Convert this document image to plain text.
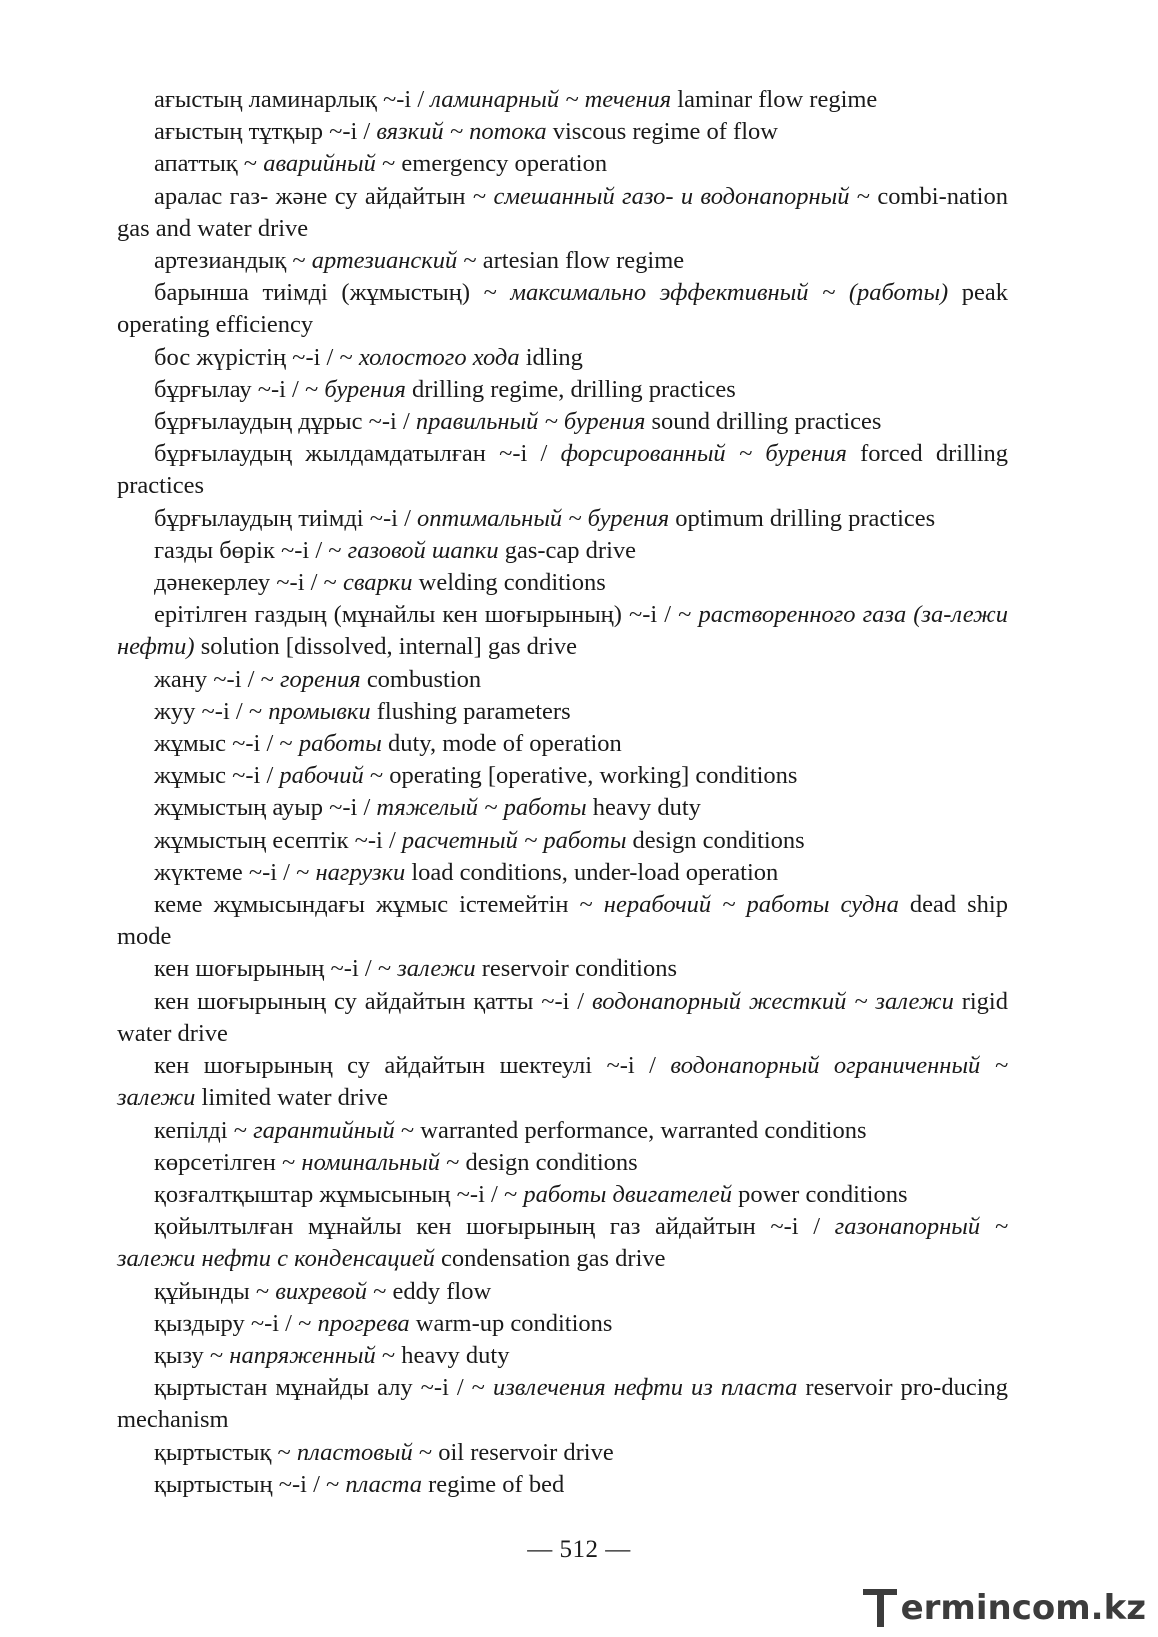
ағыстың ламинарлық ~-і / ламинарный ~ течения laminar flow regime

ағыстың тұтқыр ~-і / вязкий ~ потока viscous regime of flow

апаттық ~ аварийный ~ emergency operation

аралас газ- және су айдайтын ~ смешанный газо- и водонапорный ~ combi-nation gas and water drive

артезиандық ~ артезианский ~ artesian flow regime

барынша тиімді (жұмыстың) ~ максимально эффективный ~ (работы) peak operating efficiency

бос жүрістің ~-і / ~ холостого хода idling

бұрғылау ~-і / ~ бурения drilling regime, drilling practices

бұрғылаудың дұрыс ~-і / правильный ~ бурения sound drilling practices

бұрғылаудың жылдамдатылған ~-і / форсированный ~ бурения forced drilling practices

бұрғылаудың тиімді ~-і / оптимальный ~ бурения optimum drilling practices

газды бөрік ~-і / ~ газовой шапки gas-cap drive

дәнекерлеу ~-і / ~ сварки welding conditions

ерітілген газдың (мұнайлы кен шоғырының) ~-і / ~ растворенного газа (за-лежи нефти) solution [dissolved, internal] gas drive

жану ~-і / ~ горения combustion

жуу ~-і / ~ промывки flushing parameters

жұмыс ~-і / ~ работы duty, mode of operation

жұмыс ~-і / рабочий ~ operating [operative, working] conditions

жұмыстың ауыр ~-і / тяжелый ~ работы heavy duty

жұмыстың есептік ~-і / расчетный ~ работы design conditions

жүктеме ~-і / ~ нагрузки load conditions, under-load operation

кеме жұмысындағы жұмыс істемейтін ~ нерабочий ~ работы судна dead ship mode

кен шоғырының ~-і / ~ залежи reservoir conditions

кен шоғырының су айдайтын қатты ~-і / водонапорный жесткий ~ залежи rigid water drive

кен шоғырының су айдайтын шектеулі ~-і / водонапорный ограниченный ~ залежи limited water drive

кепілді ~ гарантийный ~ warranted performance, warranted conditions

көрсетілген ~ номинальный ~ design conditions

қозғалтқыштар жұмысының ~-і / ~ работы двигателей power conditions

қойылтылған мұнайлы кен шоғырының газ айдайтын ~-і / газонапорный ~ залежи нефти с конденсацией condensation gas drive

құйынды ~ вихревой ~ eddy flow

қыздыру ~-і / ~ прогрева warm-up conditions

қызу ~ напряженный ~ heavy duty

қыртыстан мұнайды алу ~-і / ~ извлечения нефти из пласта reservoir pro-ducing mechanism

қыртыстық ~ пластовый ~ oil reservoir drive

қыртыстың ~-і / ~ пласта regime of bed

— 512 —
ermincom .kz
